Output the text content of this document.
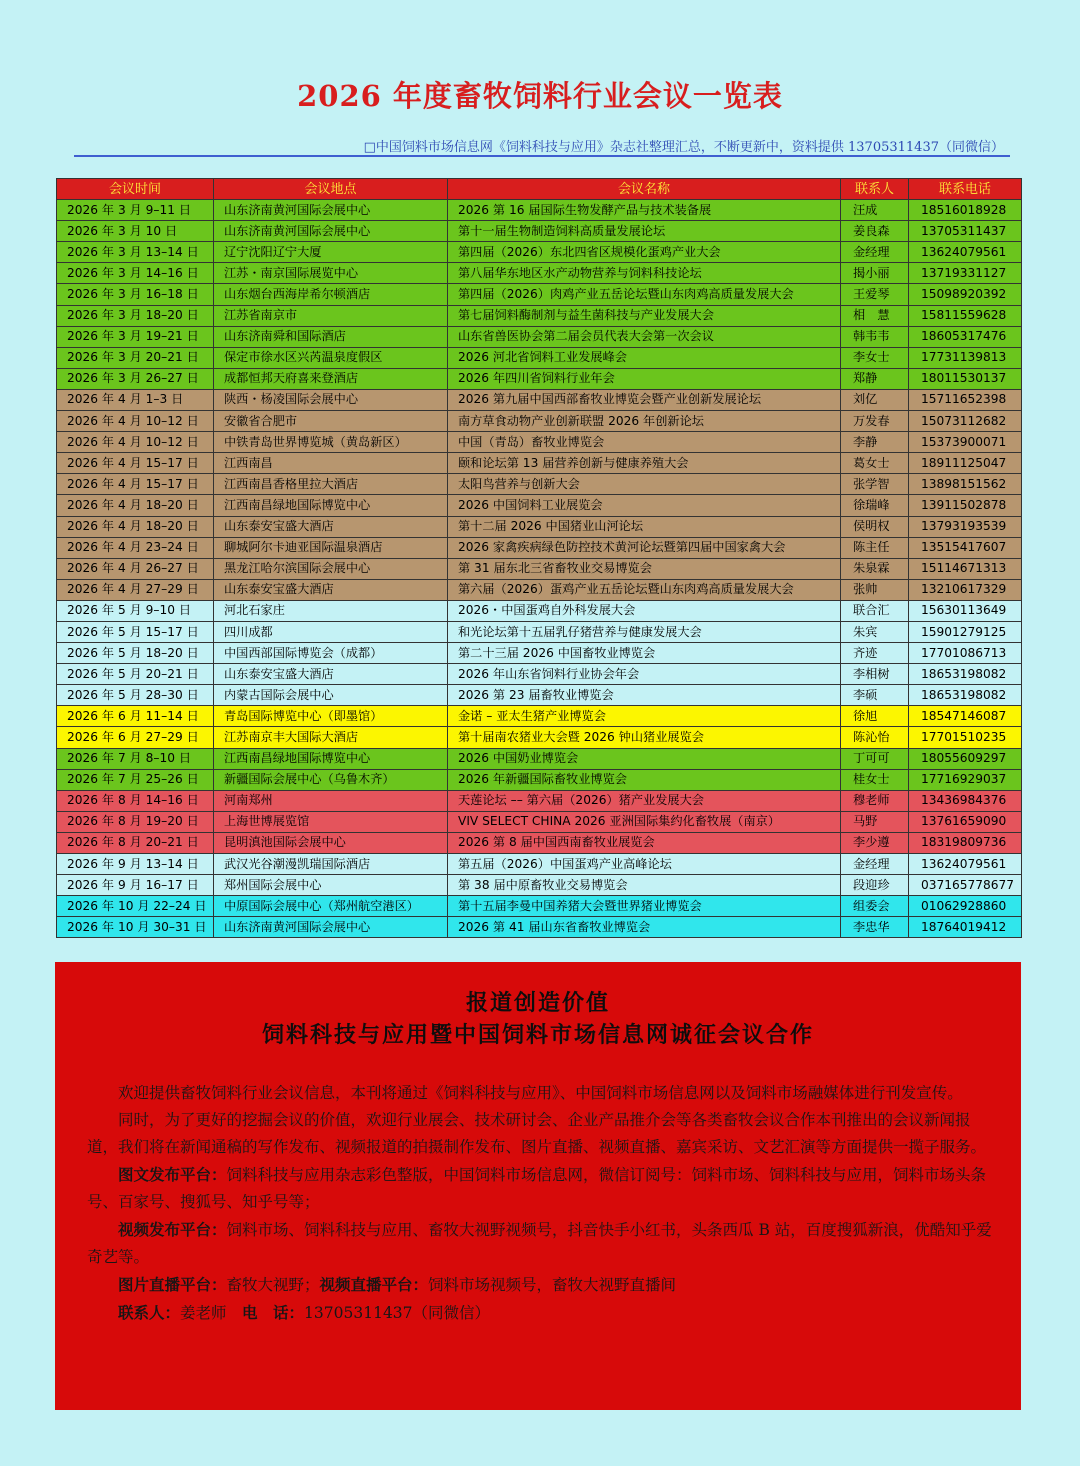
2026 年度畜牧饲料行业会议一览表
□中国饲料市场信息网《饲料科技与应用》杂志社整理汇总，不断更新中，资料提供 13705311437（同微信）
会议时间	会议地点	会议名称	联系人	联系电话
2026 年 3 月 9–11 日	山东济南黄河国际会展中心	2026 第 16 届国际生物发酵产品与技术装备展	汪成	18516018928
2026 年 3 月 10 日	山东济南黄河国际会展中心	第十一届生物制造饲料高质量发展论坛	姜良森	13705311437
2026 年 3 月 13–14 日	辽宁沈阳辽宁大厦	第四届（2026）东北四省区规模化蛋鸡产业大会	金经理	13624079561
2026 年 3 月 14–16 日	江苏・南京国际展览中心	第八届华东地区水产动物营养与饲料科技论坛	揭小丽	13719331127
2026 年 3 月 16–18 日	山东烟台西海岸希尔顿酒店	第四届（2026）肉鸡产业五岳论坛暨山东肉鸡高质量发展大会	王爱琴	15098920392
2026 年 3 月 18–20 日	江苏省南京市	第七届饲料酶制剂与益生菌科技与产业发展大会	相　慧	15811559628
2026 年 3 月 19–21 日	山东济南舜和国际酒店	山东省兽医协会第二届会员代表大会第一次会议	韩韦韦	18605317476
2026 年 3 月 20–21 日	保定市徐水区兴芮温泉度假区	2026 河北省饲料工业发展峰会	李女士	17731139813
2026 年 3 月 26–27 日	成都恒邦天府喜来登酒店	2026 年四川省饲料行业年会	郑静	18011530137
2026 年 4 月 1–3 日	陕西・杨凌国际会展中心	2026 第九届中国西部畜牧业博览会暨产业创新发展论坛	刘亿	15711652398
2026 年 4 月 10–12 日	安徽省合肥市	南方草食动物产业创新联盟 2026 年创新论坛	万发春	15073112682
2026 年 4 月 10–12 日	中铁青岛世界博览城（黄岛新区）	中国（青岛）畜牧业博览会	李静	15373900071
2026 年 4 月 15–17 日	江西南昌	颐和论坛第 13 届营养创新与健康养殖大会	葛女士	18911125047
2026 年 4 月 15–17 日	江西南昌香格里拉大酒店	太阳鸟营养与创新大会	张学智	13898151562
2026 年 4 月 18–20 日	江西南昌绿地国际博览中心	2026 中国饲料工业展览会	徐瑞峰	13911502878
2026 年 4 月 18–20 日	山东泰安宝盛大酒店	第十二届 2026 中国猪业山河论坛	侯明权	13793193539
2026 年 4 月 23–24 日	聊城阿尔卡迪亚国际温泉酒店	2026 家禽疾病绿色防控技术黄河论坛暨第四届中国家禽大会	陈主任	13515417607
2026 年 4 月 26–27 日	黑龙江哈尔滨国际会展中心	第 31 届东北三省畜牧业交易博览会	朱泉霖	15114671313
2026 年 4 月 27–29 日	山东泰安宝盛大酒店	第六届（2026）蛋鸡产业五岳论坛暨山东肉鸡高质量发展大会	张帅	13210617329
2026 年 5 月 9–10 日	河北石家庄	2026・中国蛋鸡自外科发展大会	联合汇	15630113649
2026 年 5 月 15–17 日	四川成都	和光论坛第十五届乳仔猪营养与健康发展大会	朱宾	15901279125
2026 年 5 月 18–20 日	中国西部国际博览会（成都）	第二十三届 2026 中国畜牧业博览会	齐迹	17701086713
2026 年 5 月 20–21 日	山东泰安宝盛大酒店	2026 年山东省饲料行业协会年会	李相树	18653198082
2026 年 5 月 28–30 日	内蒙古国际会展中心	2026 第 23 届畜牧业博览会	李硕	18653198082
2026 年 6 月 11–14 日	青岛国际博览中心（即墨馆）	金诺 – 亚太生猪产业博览会	徐旭	18547146087
2026 年 6 月 27–29 日	江苏南京丰大国际大酒店	第十届南农猪业大会暨 2026 钟山猪业展览会	陈沁怡	17701510235
2026 年 7 月 8–10 日	江西南昌绿地国际博览中心	2026 中国奶业博览会	丁可可	18055609297
2026 年 7 月 25–26 日	新疆国际会展中心（乌鲁木齐）	2026 年新疆国际畜牧业博览会	桂女士	17716929037
2026 年 8 月 14–16 日	河南郑州	天莲论坛 –– 第六届（2026）猪产业发展大会	穆老师	13436984376
2026 年 8 月 19–20 日	上海世博展览馆	VIV SELECT CHINA 2026 亚洲国际集约化畜牧展（南京）	马野	13761659090
2026 年 8 月 20–21 日	昆明滇池国际会展中心	2026 第 8 届中国西南畜牧业展览会	李少遵	18319809736
2026 年 9 月 13–14 日	武汉光谷潮漫凯瑞国际酒店	第五届（2026）中国蛋鸡产业高峰论坛	金经理	13624079561
2026 年 9 月 16–17 日	郑州国际会展中心	第 38 届中原畜牧业交易博览会	段迎珍	037165778677
2026 年 10 月 22–24 日	中原国际会展中心（郑州航空港区）	第十五届李曼中国养猪大会暨世界猪业博览会	组委会	01062928860
2026 年 10 月 30–31 日	山东济南黄河国际会展中心	2026 第 41 届山东省畜牧业博览会	李忠华	18764019412
报道创造价值
饲料科技与应用暨中国饲料市场信息网诚征会议合作

欢迎提供畜牧饲料行业会议信息，本刊将通过《饲料科技与应用》、中国饲料市场信息网以及饲料市场融媒体进行刊发宣传。

同时，为了更好的挖掘会议的价值，欢迎行业展会、技术研讨会、企业产品推介会等各类畜牧会议合作本刊推出的会议新闻报道，我们将在新闻通稿的写作发布、视频报道的拍摄制作发布、图片直播、视频直播、嘉宾采访、文艺汇演等方面提供一揽子服务。

图文发布平台：饲料科技与应用杂志彩色整版，中国饲料市场信息网，微信订阅号：饲料市场、饲料科技与应用，饲料市场头条号、百家号、搜狐号、知乎号等；

视频发布平台：饲料市场、饲料科技与应用、畜牧大视野视频号，抖音快手小红书，头条西瓜 B 站，百度搜狐新浪，优酷知乎爱奇艺等。

图片直播平台：畜牧大视野；视频直播平台：饲料市场视频号，畜牧大视野直播间

联系人：姜老师　电　话：13705311437（同微信）
